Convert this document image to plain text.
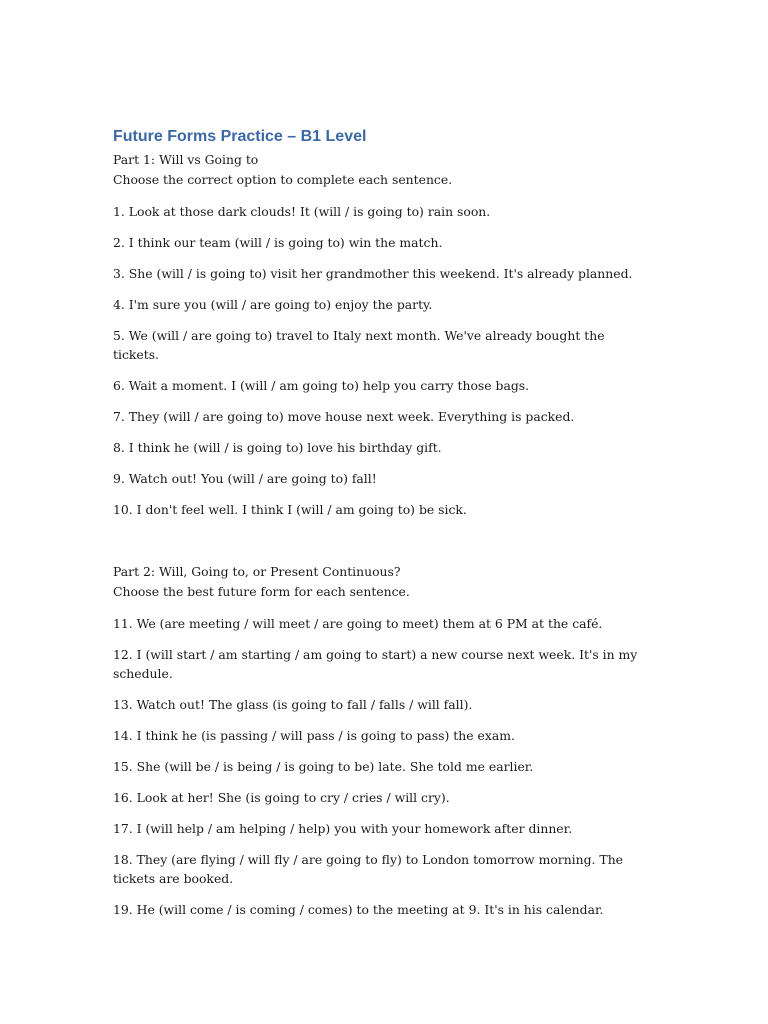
Future Forms Practice – B1 Level

Part 1: Will vs Going to

Choose the correct option to complete each sentence.

1. Look at those dark clouds! It (will / is going to) rain soon.

2. I think our team (will / is going to) win the match.

3. She (will / is going to) visit her grandmother this weekend. It's already planned.

4. I'm sure you (will / are going to) enjoy the party.

5. We (will / are going to) travel to Italy next month. We've already bought the tickets.

6. Wait a moment. I (will / am going to) help you carry those bags.

7. They (will / are going to) move house next week. Everything is packed.

8. I think he (will / is going to) love his birthday gift.

9. Watch out! You (will / are going to) fall!

10. I don't feel well. I think I (will / am going to) be sick.

Part 2: Will, Going to, or Present Continuous?

Choose the best future form for each sentence.

11. We (are meeting / will meet / are going to meet) them at 6 PM at the café.

12. I (will start / am starting / am going to start) a new course next week. It's in my schedule.

13. Watch out! The glass (is going to fall / falls / will fall).

14. I think he (is passing / will pass / is going to pass) the exam.

15. She (will be / is being / is going to be) late. She told me earlier.

16. Look at her! She (is going to cry / cries / will cry).

17. I (will help / am helping / help) you with your homework after dinner.

18. They (are flying / will fly / are going to fly) to London tomorrow morning. The tickets are booked.

19. He (will come / is coming / comes) to the meeting at 9. It's in his calendar.
